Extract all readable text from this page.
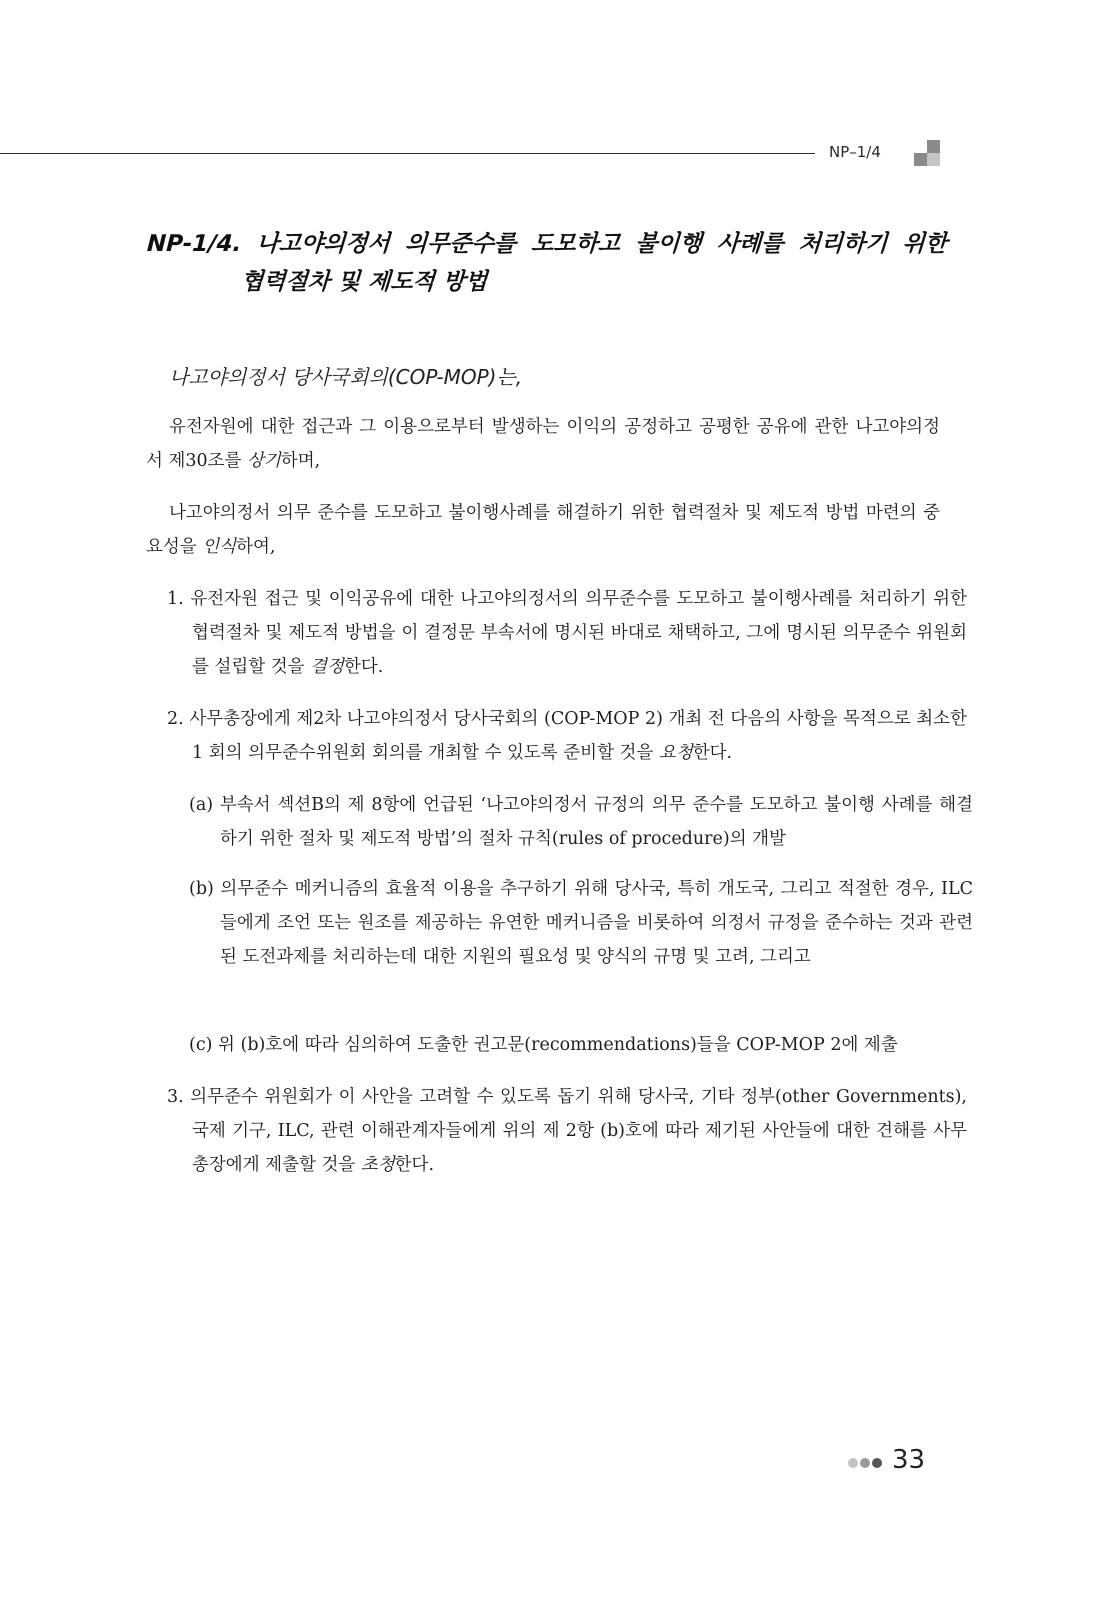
NP–1/4
NP-1/4. 나고야의정서 의무준수를 도모하고 불이행 사례를 처리하기 위한
협력절차 및 제도적 방법
나고야의정서 당사국회의(COP-MOP)는,
유전자원에 대한 접근과 그 이용으로부터 발생하는 이익의 공정하고 공평한 공유에 관한 나고야의정서 제30조를 상기하며,
나고야의정서 의무 준수를 도모하고 불이행사례를 해결하기 위한 협력절차 및 제도적 방법 마련의 중요성을 인식하여,
1. 유전자원 접근 및 이익공유에 대한 나고야의정서의 의무준수를 도모하고 불이행사례를 처리하기 위한 협력절차 및 제도적 방법을 이 결정문 부속서에 명시된 바대로 채택하고, 그에 명시된 의무준수 위원회를 설립할 것을 결정한다.
2. 사무총장에게 제2차 나고야의정서 당사국회의 (COP-MOP 2) 개최 전 다음의 사항을 목적으로 최소한 1 회의 의무준수위원회 회의를 개최할 수 있도록 준비할 것을 요청한다.
(a) 부속서 섹션B의 제 8항에 언급된 ‘나고야의정서 규정의 의무 준수를 도모하고 불이행 사례를 해결하기 위한 절차 및 제도적 방법’의 절차 규칙(rules of procedure)의 개발
(b) 의무준수 메커니즘의 효율적 이용을 추구하기 위해 당사국, 특히 개도국, 그리고 적절한 경우, ILC들에게 조언 또는 원조를 제공하는 유연한 메커니즘을 비롯하여 의정서 규정을 준수하는 것과 관련된 도전과제를 처리하는데 대한 지원의 필요성 및 양식의 규명 및 고려, 그리고
(c) 위 (b)호에 따라 심의하여 도출한 권고문(recommendations)들을 COP-MOP 2에 제출
3. 의무준수 위원회가 이 사안을 고려할 수 있도록 돕기 위해 당사국, 기타 정부(other Governments), 국제 기구, ILC, 관련 이해관계자들에게 위의 제 2항 (b)호에 따라 제기된 사안들에 대한 견해를 사무총장에게 제출할 것을 초청한다.
33
